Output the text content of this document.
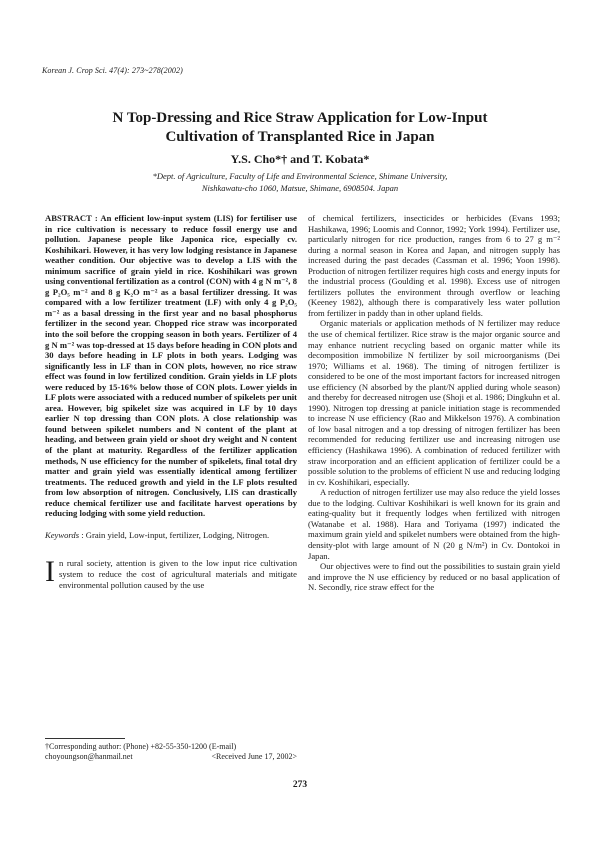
Korean J. Crop Sci. 47(4): 273~278(2002)
N Top-Dressing and Rice Straw Application for Low-Input
Cultivation of Transplanted Rice in Japan
Y.S. Cho*† and T. Kobata*
*Dept. of Agriculture, Faculty of Life and Environmental Science, Shimane University,
Nishkawatu-cho 1060, Matsue, Shimane, 6908504. Japan

ABSTRACT : An efficient low-input system (LIS) for fertiliser use in rice cultivation is necessary to reduce fossil energy use and pollution. Japanese people like Japonica rice, especially cv. Koshihikari. However, it has very low lodging resistance in Japanese weather condition. Our objective was to develop a LIS with the minimum sacrifice of grain yield in rice. Koshihikari was grown using conventional fertilization as a control (CON) with 4 g N m⁻², 8 g P₂O₅ m⁻² and 8 g K₂O m⁻² as a basal fertilizer dressing. It was compared with a low fertilizer treatment (LF) with only 4 g P₂O₅ m⁻² as a basal dressing in the first year and no basal phosphorus fertilizer in the second year. Chopped rice straw was incorporated into the soil before the cropping season in both years. Fertilizer of 4 g N m⁻² was top-dressed at 15 days before heading in CON plots and 30 days before heading in LF plots in both years. Lodging was significantly less in LF than in CON plots, however, no rice straw effect was found in low fertilized condition. Grain yields in LF plots were reduced by 15-16% below those of CON plots. Lower yields in LF plots were associated with a reduced number of spikelets per unit area. However, big spikelet size was acquired in LF by 10 days earlier N top dressing than CON plots. A close relationship was found between spikelet numbers and N content of the plant at heading, and between grain yield or shoot dry weight and N content of the plant at maturity. Regardless of the fertilizer application methods, N use efficiency for the number of spikelets, final total dry matter and grain yield was essentially identical among fertilizer treatments. The reduced growth and yield in the LF plots resulted from low absorption of nitrogen. Conclusively, LIS can drastically reduce chemical fertilizer use and facilitate harvest operations by reducing lodging with some yield reduction.

Keywords : Grain yield, Low-input, fertilizer, Lodging, Nitrogen.
I n rural society, attention is given to the low input rice cultivation system to reduce the cost of agricultural materials and mitigate environmental pollution caused by the use

of chemical fertilizers, insecticides or herbicides (Evans 1993; Hashikawa, 1996; Loomis and Connor, 1992; York 1994). Fertilizer use, particularly nitrogen for rice production, ranges from 6 to 27 g m⁻² during a normal season in Korea and Japan, and nitrogen supply has increased during the past decades (Cassman et al. 1996; Yoon 1998). Production of nitrogen fertilizer requires high costs and energy inputs for the industrial process (Goulding et al. 1998). Excess use of nitrogen fertilizers pollutes the environment through overflow or leaching (Keeney 1982), although there is comparatively less water pollution from fertilizer in paddy than in other upland fields.

Organic materials or application methods of N fertilizer may reduce the use of chemical fertilizer. Rice straw is the major organic source and may enhance nutrient recycling based on organic matter while its decomposition immobilize N fertilizer by soil microorganisms (Dei 1970; Williams et al. 1968). The timing of nitrogen fertilizer is considered to be one of the most important factors for increased nitrogen use efficiency (N absorbed by the plant/N applied during whole season) and thereby for decreased nitrogen use (Shoji et al. 1986; Dingkuhn et al. 1990). Nitrogen top dressing at panicle initiation stage is recommended to increase N use efficiency (Rao and Mikkelson 1976). A combination of low basal nitrogen and a top dressing of nitrogen fertilizer has been recommended for reducing fertilizer use and increasing nitrogen use efficiency (Hashikawa 1996). A combination of reduced fertilizer with straw incorporation and an efficient application of fertilizer could be a possible solution to the problems of efficient N use and reducing lodging in cv. Koshihikari, especially.

A reduction of nitrogen fertilizer use may also reduce the yield losses due to the lodging. Cultivar Koshihikari is well known for its grain and eating-quality but it frequently lodges when fertilized with nitrogen (Watanabe et al. 1988). Hara and Toriyama (1997) indicated the maximum grain yield and spikelet numbers were obtained from the high-density-plot with large amount of N (20 g N/m²) in Cv. Dontokoi in Japan.

Our objectives were to find out the possibilities to sustain grain yield and improve the N use efficiency by reduced or no basal application of N. Secondly, rice straw effect for the

†Corresponding author: (Phone) +82-55-350-1200 (E-mail) choyoungson@hanmail.net	<Received June 17, 2002>
273
